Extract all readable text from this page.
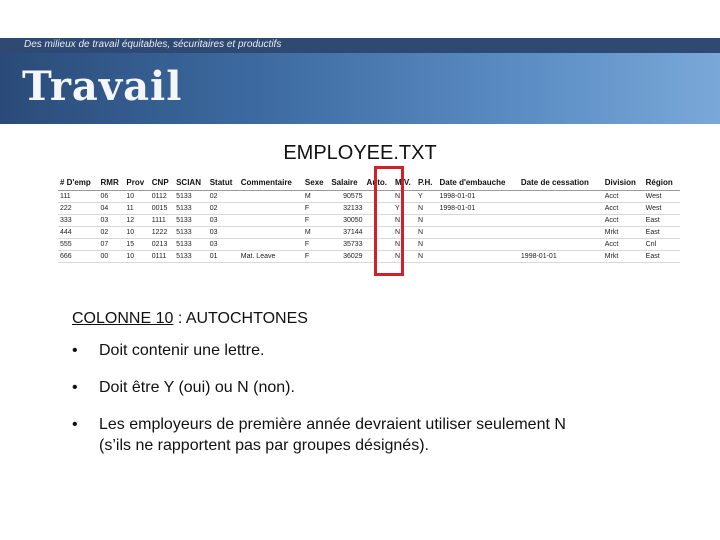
Des milieux de travail équitables, sécuritaires et productifs
Travail
EMPLOYEE.TXT
# D'emp	RMR	Prov	CNP	SCIAN	Statut	Commentaire	Sexe	Salaire	Auto.	M.V.	P.H.	Date d'embauche	Date de cessation	Division	Région
111	06	10	0112	5133	02		M	90575		N	Y	1998-01-01		Acct	West
222	04	11	0015	5133	02		F	32133		Y	N	1998-01-01		Acct	West
333	03	12	1111	5133	03		F	30050		N	N			Acct	East
444	02	10	1222	5133	03		M	37144		N	N			Mrkt	East
555	07	15	0213	5133	03		F	35733		N	N			Acct	Cnl
666	00	10	0111	5133	01	Mat. Leave	F	36029		N	N		1998-01-01	Mrkt	East
COLONNE 10 : AUTOCHTONES
• Doit contenir une lettre.
• Doit être Y (oui) ou N (non).
• Les employeurs de première année devraient utiliser seulement N (s’ils ne rapportent pas par groupes désignés).
